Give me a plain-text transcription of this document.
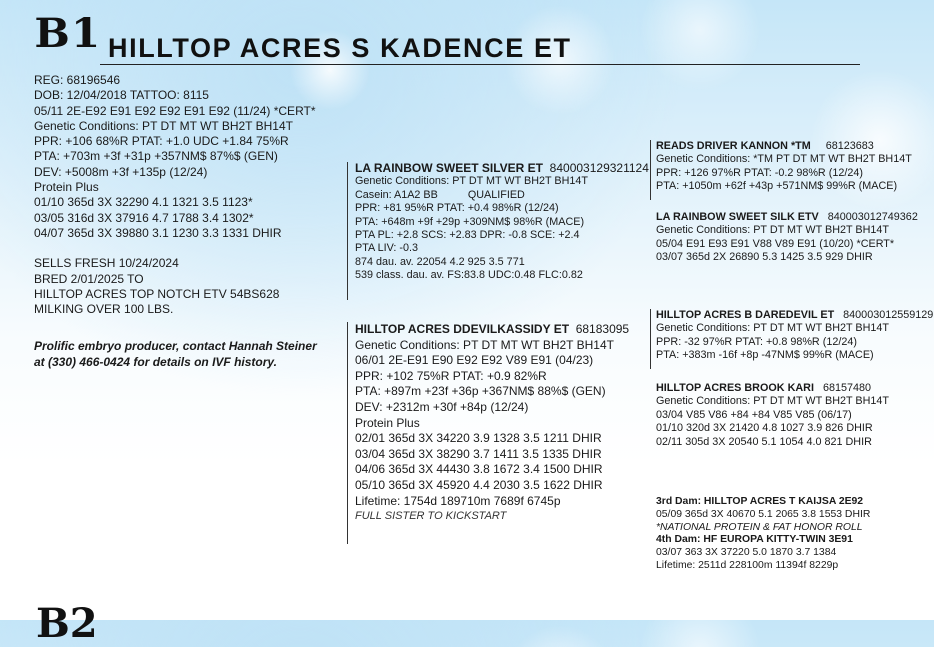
B1 HILLTOP ACRES S KADENCE ET
REG: 68196546
DOB: 12/04/2018 TATTOO: 8115
05/11 2E-E92 E91 E92 E92 E91 E92 (11/24) *CERT*
Genetic Conditions: PT DT MT WT BH2T BH14T
PPR: +106 68%R PTAT: +1.0 UDC +1.84 75%R
PTA: +703m +3f +31p +357NM$ 87%$ (GEN)
DEV: +5008m +3f +135p (12/24)
Protein Plus
01/10 365d 3X 32290 4.1 1321 3.5 1123*
03/05 316d 3X 37916 4.7 1788 3.4 1302*
04/07 365d 3X 39880 3.1 1230 3.3 1331 DHIR
SELLS FRESH 10/24/2024
BRED 2/01/2025 TO
HILLTOP ACRES TOP NOTCH ETV 54BS628
MILKING OVER 100 LBS.
Prolific embryo producer, contact Hannah Steiner
at (330) 466-0424 for details on IVF history.
LA RAINBOW SWEET SILVER ET 840003129321124
Genetic Conditions: PT DT MT WT BH2T BH14T
Casein: A1A2 BB          QUALIFIED
PPR: +81 95%R PTAT: +0.4 98%R (12/24)
PTA: +648m +9f +29p +309NM$ 98%R (MACE)
PTA PL: +2.8 SCS: +2.83 DPR: -0.8 SCE: +2.4
PTA LIV: -0.3
874 dau. av. 22054 4.2 925 3.5 771
539 class. dau. av. FS:83.8 UDC:0.48 FLC:0.82
HILLTOP ACRES DDEVILKASSIDY ET 68183095
Genetic Conditions: PT DT MT WT BH2T BH14T
06/01 2E-E91 E90 E92 E92 V89 E91 (04/23)
PPR: +102 75%R PTAT: +0.9 82%R
PTA: +897m +23f +36p +367NM$ 88%$ (GEN)
DEV: +2312m +30f +84p (12/24)
Protein Plus
02/01 365d 3X 34220 3.9 1328 3.5 1211 DHIR
03/04 365d 3X 38290 3.7 1411 3.5 1335 DHIR
04/06 365d 3X 44430 3.8 1672 3.4 1500 DHIR
05/10 365d 3X 45920 4.4 2030 3.5 1622 DHIR
Lifetime: 1754d 189710m 7689f 6745p
FULL SISTER TO KICKSTART
READS DRIVER KANNON *TM 68123683
Genetic Conditions: *TM PT DT MT WT BH2T BH14T
PPR: +126 97%R PTAT: -0.2 98%R (12/24)
PTA: +1050m +62f +43p +571NM$ 99%R (MACE)
LA RAINBOW SWEET SILK ETV 840003012749362
Genetic Conditions: PT DT MT WT BH2T BH14T
05/04 E91 E93 E91 V88 V89 E91 (10/20) *CERT*
03/07 365d 2X 26890 5.3 1425 3.5 929 DHIR
HILLTOP ACRES B DAREDEVIL ET 840003012559129
Genetic Conditions: PT DT MT WT BH2T BH14T
PPR: -32 97%R PTAT: +0.8 98%R (12/24)
PTA: +383m -16f +8p -47NM$ 99%R (MACE)
HILLTOP ACRES BROOK KARI 68157480
Genetic Conditions: PT DT MT WT BH2T BH14T
03/04 V85 V86 +84 +84 V85 V85 (06/17)
01/10 320d 3X 21420 4.8 1027 3.9 826 DHIR
02/11 305d 3X 20540 5.1 1054 4.0 821 DHIR
3rd Dam: HILLTOP ACRES T KAIJSA 2E92
05/09 365d 3X 40670 5.1 2065 3.8 1553 DHIR
*NATIONAL PROTEIN & FAT HONOR ROLL
4th Dam: HF EUROPA KITTY-TWIN 3E91
03/07 363 3X 37220 5.0 1870 3.7 1384
Lifetime: 2511d 228100m 11394f 8229p
B2
